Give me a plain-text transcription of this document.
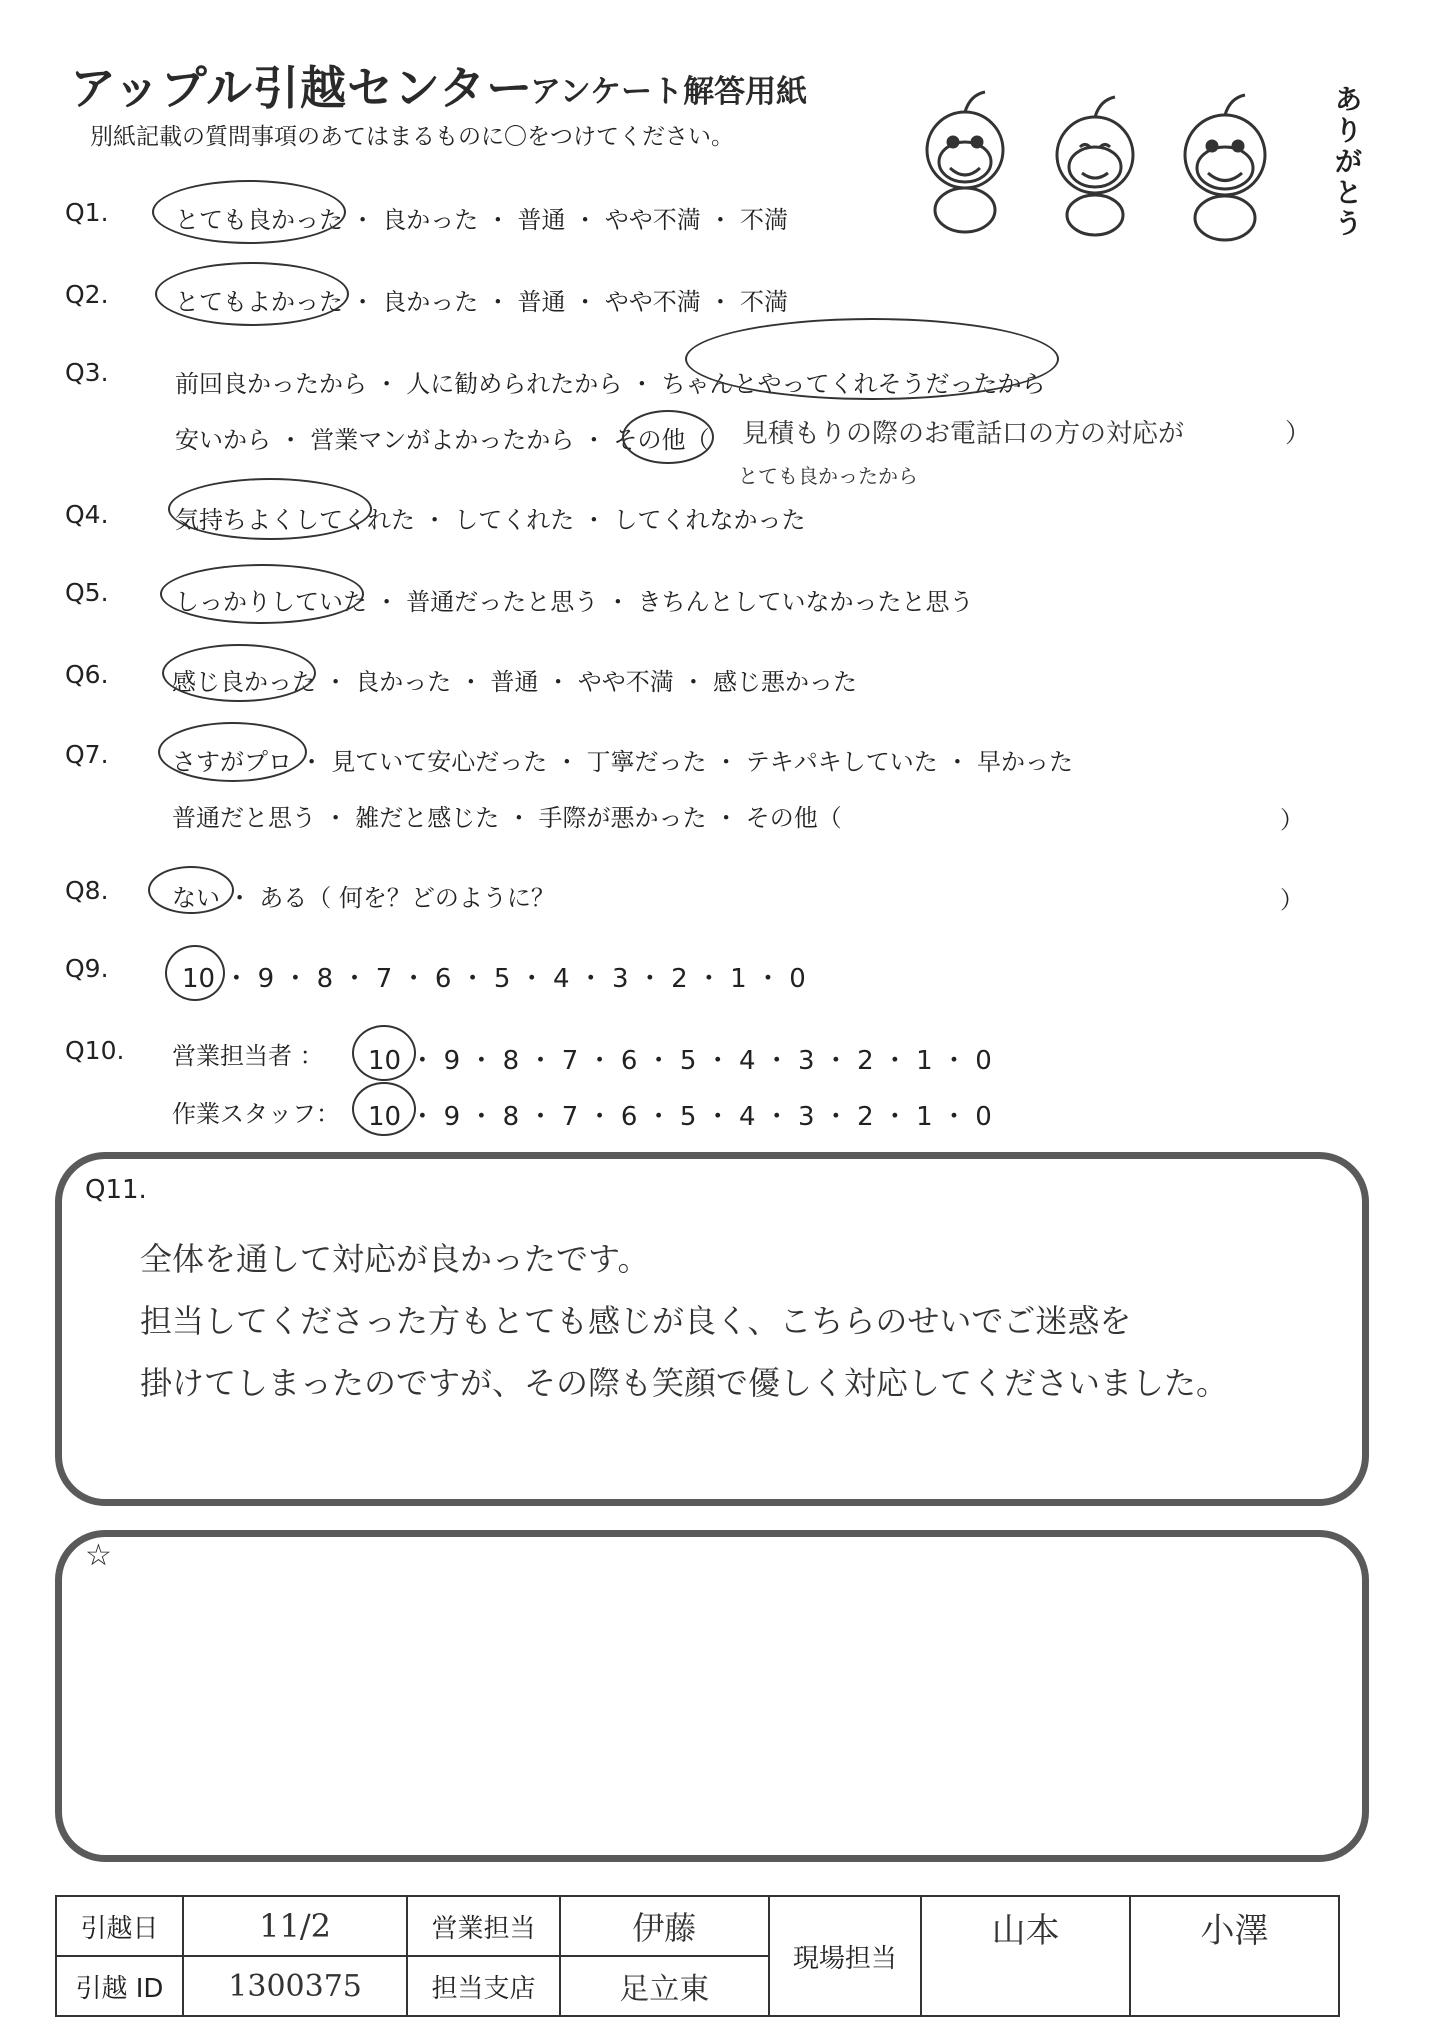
アップル引越センター
アンケート解答用紙
別紙記載の質問事項のあてはまるものに〇をつけてください。
ありがとう
Q1.	とても良かった ・ 良かった ・ 普通 ・ やや不満 ・ 不満
Q2.	とてもよかった ・ 良かった ・ 普通 ・ やや不満 ・ 不満
Q3.	前回良かったから ・ 人に勧められたから ・ ちゃんとやってくれそうだったから
安いから ・ 営業マンがよかったから ・ その他（ 見積もりの際のお電話口の方の対応が	）
とても良かったから
Q4.	気持ちよくしてくれた ・ してくれた ・ してくれなかった
Q5.	しっかりしていた ・ 普通だったと思う ・ きちんとしていなかったと思う
Q6.	感じ良かった ・ 良かった ・ 普通 ・ やや不満 ・ 感じ悪かった
Q7.	さすがプロ ・ 見ていて安心だった ・ 丁寧だった ・ テキパキしていた ・ 早かった
普通だと思う ・ 雑だと感じた ・ 手際が悪かった ・ その他（	）
Q8.	ない ・ ある（ 何を？どのように？	）
Q9.	10 ・ 9 ・ 8 ・ 7 ・ 6 ・ 5 ・ 4 ・ 3 ・ 2 ・ 1 ・ 0
Q10. 営業担当者 ： 10 ・ 9 ・ 8 ・ 7 ・ 6 ・ 5 ・ 4 ・ 3 ・ 2 ・ 1 ・ 0
作業スタッフ： 10 ・ 9 ・ 8 ・ 7 ・ 6 ・ 5 ・ 4 ・ 3 ・ 2 ・ 1 ・ 0
Q11.
全体を通して対応が良かったです。
担当してくださった方もとても感じが良く、こちらのせいでご迷惑を
掛けてしまったのですが、その際も笑顔で優しく対応してくださいました。
☆
引越日	11/2	営業担当	伊藤	現場担当	山本	小澤
引越 ID	1300375	担当支店	足立東			
